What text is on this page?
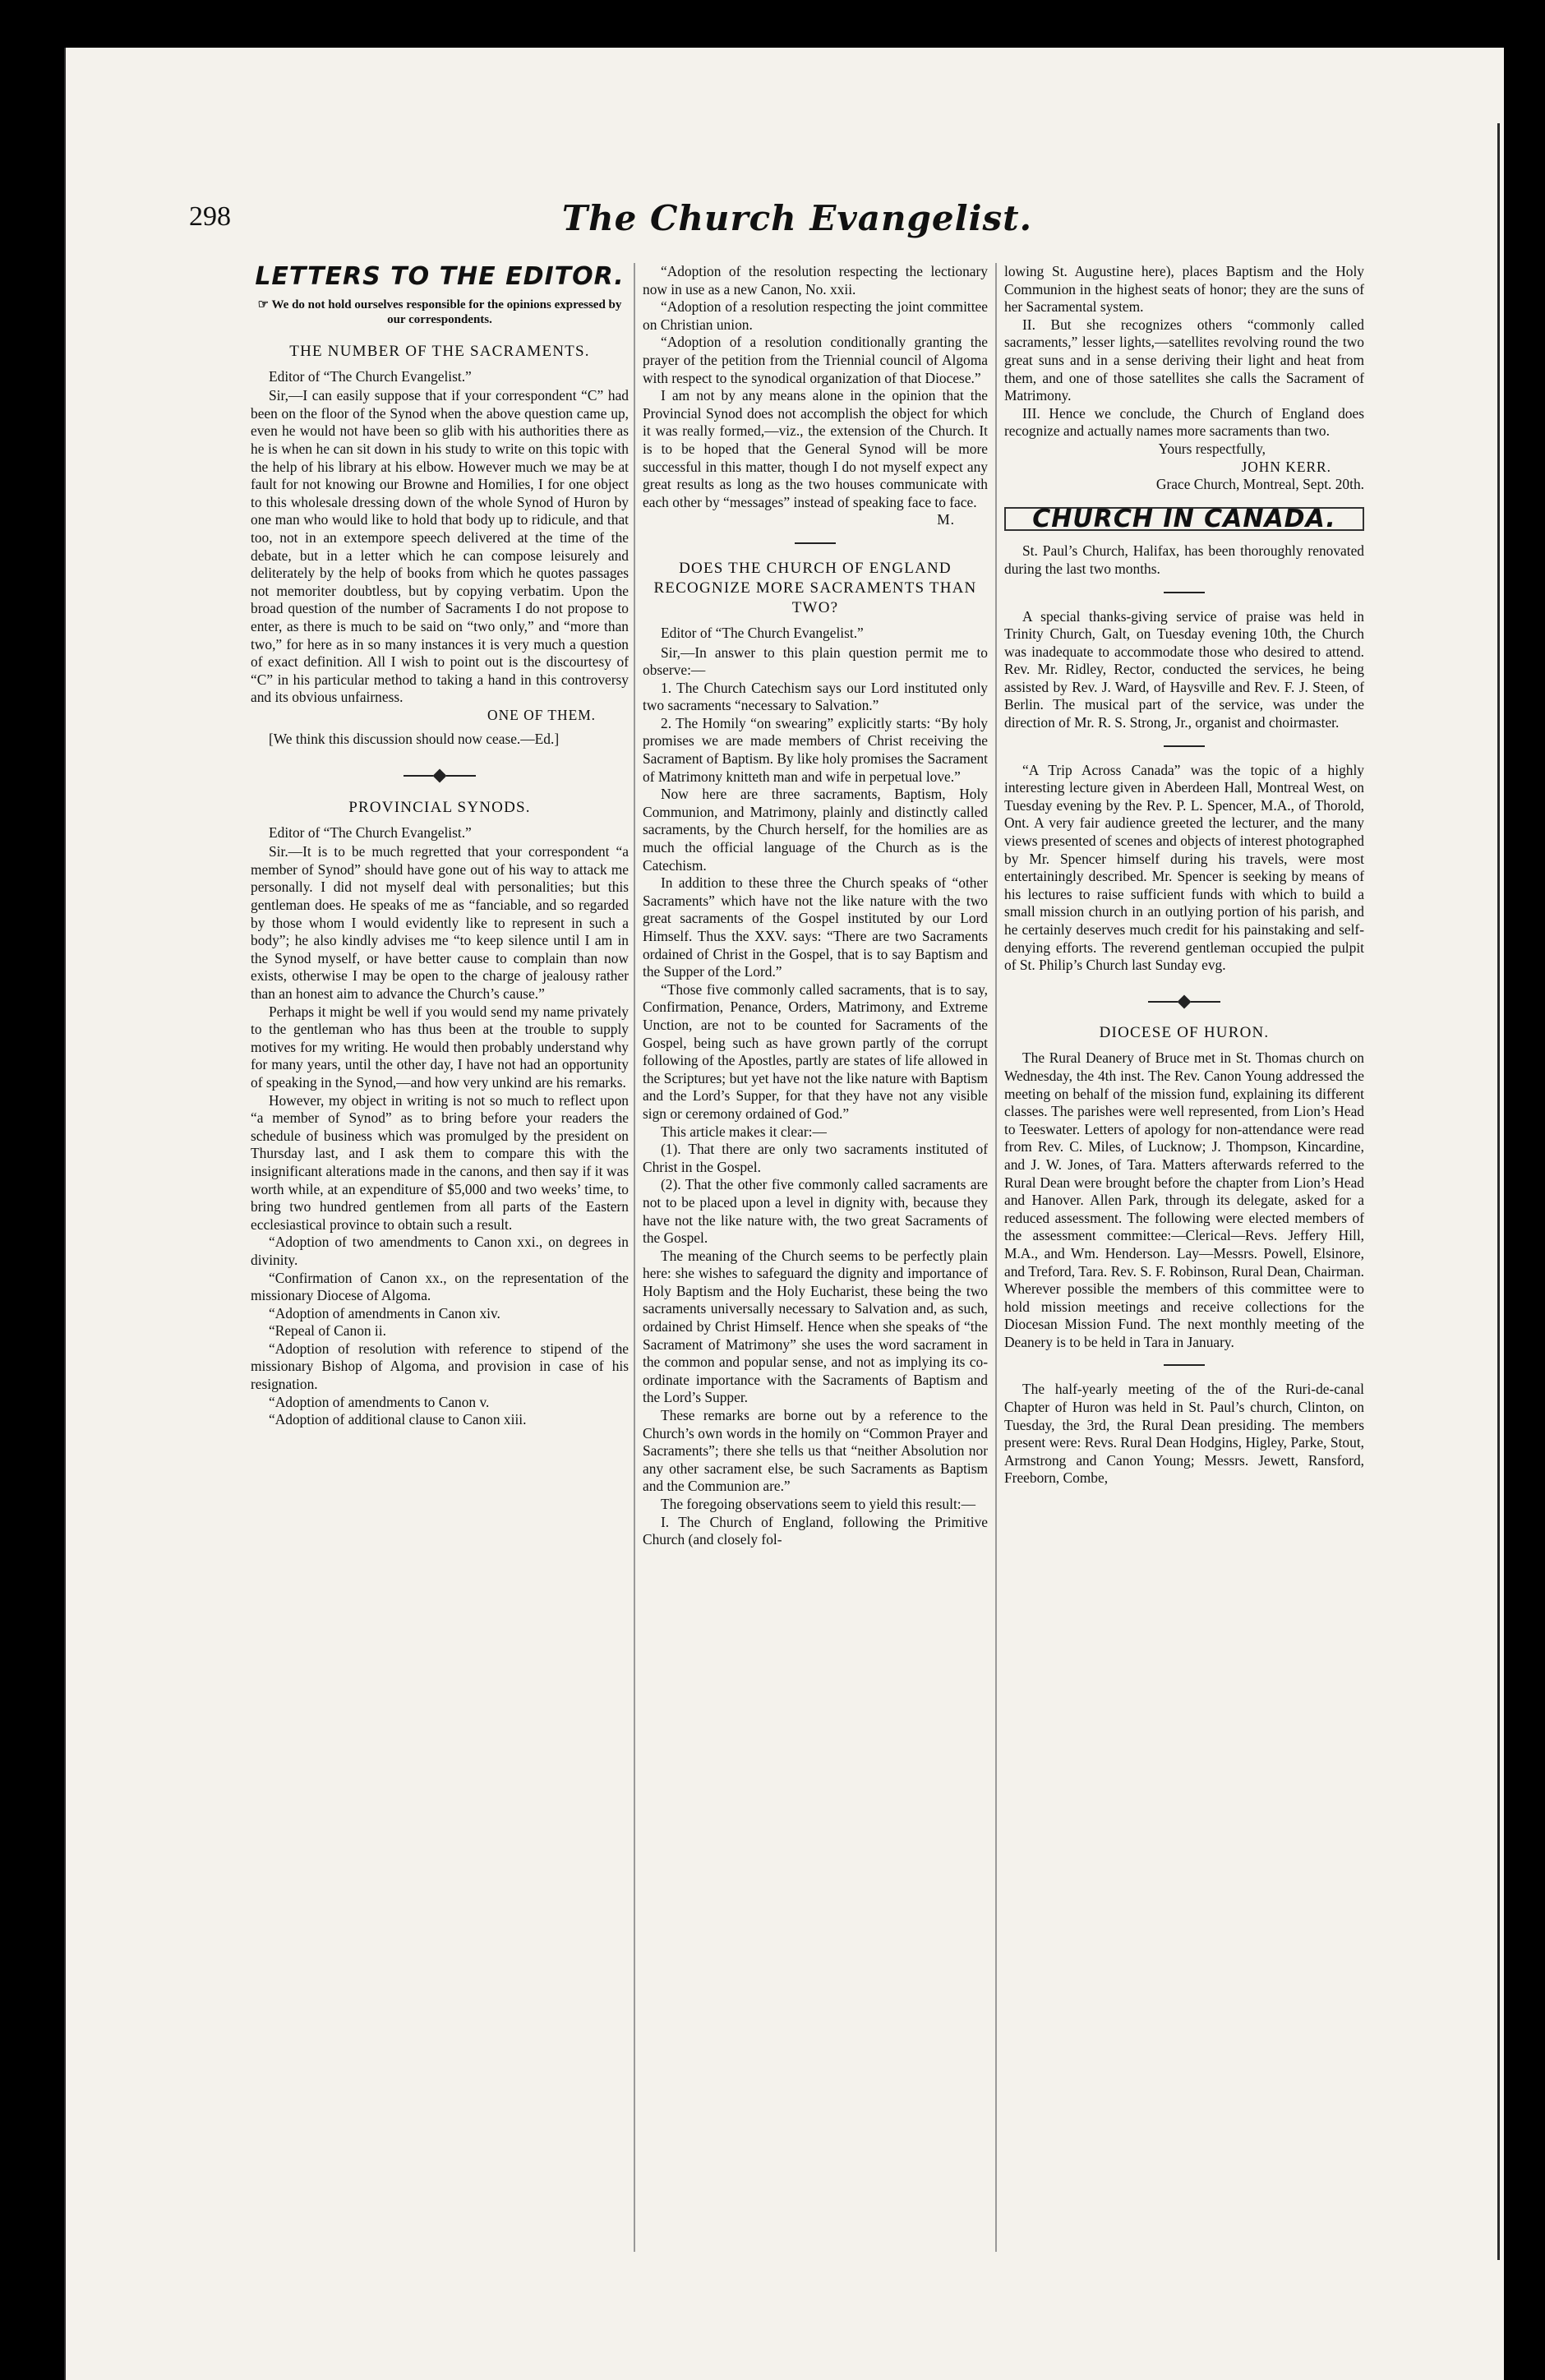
298	The Church Evangelist.
LETTERS TO THE EDITOR.
☞ We do not hold ourselves responsible for the opinions expressed by our correspondents.
THE NUMBER OF THE SACRAMENTS.

Editor of “The Church Evangelist.”

Sir,—I can easily suppose that if your correspondent “C” had been on the floor of the Synod when the above question came up, even he would not have been so glib with his authorities there as he is when he can sit down in his study to write on this topic with the help of his library at his elbow. However much we may be at fault for not knowing our Browne and Homilies, I for one object to this wholesale dressing down of the whole Synod of Huron by one man who would like to hold that body up to ridicule, and that too, not in an extempore speech delivered at the time of the debate, but in a letter which he can compose leisurely and deliterately by the help of books from which he quotes passages not memoriter doubtless, but by copying verbatim. Upon the broad question of the number of Sacraments I do not propose to enter, as there is much to be said on “two only,” and “more than two,” for here as in so many instances it is very much a question of exact definition. All I wish to point out is the discourtesy of “C” in his particular method to taking a hand in this controversy and its obvious unfairness.

ONE OF THEM.

[We think this discussion should now cease.—Ed.]

PROVINCIAL SYNODS.

Editor of “The Church Evangelist.”

Sir.—It is to be much regretted that your correspondent “a member of Synod” should have gone out of his way to attack me personally. I did not myself deal with personalities; but this gentleman does. He speaks of me as “fanciable, and so regarded by those whom I would evidently like to represent in such a body”; he also kindly advises me “to keep silence until I am in the Synod myself, or have better cause to complain than now exists, otherwise I may be open to the charge of jealousy rather than an honest aim to advance the Church’s cause.”

Perhaps it might be well if you would send my name privately to the gentleman who has thus been at the trouble to supply motives for my writing. He would then probably understand why for many years, until the other day, I have not had an opportunity of speaking in the Synod,—and how very unkind are his remarks.

However, my object in writing is not so much to reflect upon “a member of Synod” as to bring before your readers the schedule of business which was promulged by the president on Thursday last, and I ask them to compare this with the insignificant alterations made in the canons, and then say if it was worth while, at an expenditure of $5,000 and two weeks’ time, to bring two hundred gentlemen from all parts of the Eastern ecclesiastical province to obtain such a result.

“Adoption of two amendments to Canon xxi., on degrees in divinity.

“Confirmation of Canon xx., on the representation of the missionary Diocese of Algoma.

“Adoption of amendments in Canon xiv.

“Repeal of Canon ii.

“Adoption of resolution with reference to stipend of the missionary Bishop of Algoma, and provision in case of his resignation.

“Adoption of amendments to Canon v.

“Adoption of additional clause to Canon xiii.

“Adoption of the resolution respecting the lectionary now in use as a new Canon, No. xxii.

“Adoption of a resolution respecting the joint committee on Christian union.

“Adoption of a resolution conditionally granting the prayer of the petition from the Triennial council of Algoma with respect to the synodical organization of that Diocese.”

I am not by any means alone in the opinion that the Provincial Synod does not accomplish the object for which it was really formed,—viz., the extension of the Church. It is to be hoped that the General Synod will be more successful in this matter, though I do not myself expect any great results as long as the two houses communicate with each other by “messages” instead of speaking face to face.

M.
DOES THE CHURCH OF ENGLAND RECOGNIZE MORE SACRAMENTS THAN TWO?

Editor of “The Church Evangelist.”

Sir,—In answer to this plain question permit me to observe:—

1. The Church Catechism says our Lord instituted only two sacraments “necessary to Salvation.”

2. The Homily “on swearing” explicitly starts: “By holy promises we are made members of Christ receiving the Sacrament of Baptism. By like holy promises the Sacrament of Matrimony knitteth man and wife in perpetual love.”

Now here are three sacraments, Baptism, Holy Communion, and Matrimony, plainly and distinctly called sacraments, by the Church herself, for the homilies are as much the official language of the Church as is the Catechism.

In addition to these three the Church speaks of “other Sacraments” which have not the like nature with the two great sacraments of the Gospel instituted by our Lord Himself. Thus the XXV. says: “There are two Sacraments ordained of Christ in the Gospel, that is to say Baptism and the Supper of the Lord.”

“Those five commonly called sacraments, that is to say, Confirmation, Penance, Orders, Matrimony, and Extreme Unction, are not to be counted for Sacraments of the Gospel, being such as have grown partly of the corrupt following of the Apostles, partly are states of life allowed in the Scriptures; but yet have not the like nature with Baptism and the Lord’s Supper, for that they have not any visible sign or ceremony ordained of God.”

This article makes it clear:—

(1). That there are only two sacraments instituted of Christ in the Gospel.

(2). That the other five commonly called sacraments are not to be placed upon a level in dignity with, because they have not the like nature with, the two great Sacraments of the Gospel.

The meaning of the Church seems to be perfectly plain here: she wishes to safeguard the dignity and importance of Holy Baptism and the Holy Eucharist, these being the two sacraments universally necessary to Salvation and, as such, ordained by Christ Himself. Hence when she speaks of “the Sacrament of Matrimony” she uses the word sacrament in the common and popular sense, and not as implying its co-ordinate importance with the Sacraments of Baptism and the Lord’s Supper.

These remarks are borne out by a reference to the Church’s own words in the homily on “Common Prayer and Sacraments”; there she tells us that “neither Absolution nor any other sacrament else, be such Sacraments as Baptism and the Communion are.”

The foregoing observations seem to yield this result:—

I. The Church of England, following the Primitive Church (and closely fol-

lowing St. Augustine here), places Baptism and the Holy Communion in the highest seats of honor; they are the suns of her Sacramental system.

II. But she recognizes others “commonly called sacraments,” lesser lights,—satellites revolving round the two great suns and in a sense deriving their light and heat from them, and one of those satellites she calls the Sacrament of Matrimony.

III. Hence we conclude, the Church of England does recognize and actually names more sacraments than two.

Yours respectfully,
JOHN KERR.
Grace Church, Montreal, Sept. 20th.
CHURCH IN CANADA.

St. Paul’s Church, Halifax, has been thoroughly renovated during the last two months.

A special thanks-giving service of praise was held in Trinity Church, Galt, on Tuesday evening 10th, the Church was inadequate to accommodate those who desired to attend. Rev. Mr. Ridley, Rector, conducted the services, he being assisted by Rev. J. Ward, of Haysville and Rev. F. J. Steen, of Berlin. The musical part of the service, was under the direction of Mr. R. S. Strong, Jr., organist and choirmaster.

“A Trip Across Canada” was the topic of a highly interesting lecture given in Aberdeen Hall, Montreal West, on Tuesday evening by the Rev. P. L. Spencer, M.A., of Thorold, Ont. A very fair audience greeted the lecturer, and the many views presented of scenes and objects of interest photographed by Mr. Spencer himself during his travels, were most entertainingly described. Mr. Spencer is seeking by means of his lectures to raise sufficient funds with which to build a small mission church in an outlying portion of his parish, and he certainly deserves much credit for his painstaking and self-denying efforts. The reverend gentleman occupied the pulpit of St. Philip’s Church last Sunday evg.

DIOCESE OF HURON.

The Rural Deanery of Bruce met in St. Thomas church on Wednesday, the 4th inst. The Rev. Canon Young addressed the meeting on behalf of the mission fund, explaining its different classes. The parishes were well represented, from Lion’s Head to Teeswater. Letters of apology for non-attendance were read from Rev. C. Miles, of Lucknow; J. Thompson, Kincardine, and J. W. Jones, of Tara. Matters afterwards referred to the Rural Dean were brought before the chapter from Lion’s Head and Hanover. Allen Park, through its delegate, asked for a reduced assessment. The following were elected members of the assessment committee:—Clerical—Revs. Jeffery Hill, M.A., and Wm. Henderson. Lay—Messrs. Powell, Elsinore, and Treford, Tara. Rev. S. F. Robinson, Rural Dean, Chairman. Wherever possible the members of this committee were to hold mission meetings and receive collections for the Diocesan Mission Fund. The next monthly meeting of the Deanery is to be held in Tara in January.

The half-yearly meeting of the of the Ruri-de-canal Chapter of Huron was held in St. Paul’s church, Clinton, on Tuesday, the 3rd, the Rural Dean presiding. The members present were: Revs. Rural Dean Hodgins, Higley, Parke, Stout, Armstrong and Canon Young; Messrs. Jewett, Ransford, Freeborn, Combe,
